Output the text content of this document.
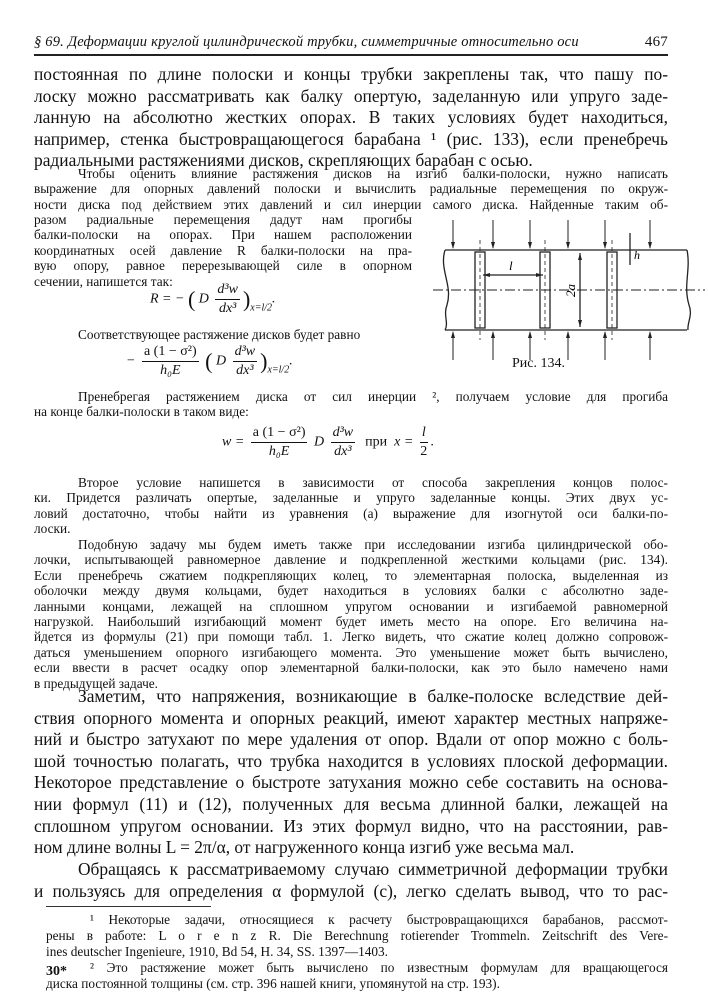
§ 69. Деформации круглой цилиндрической трубки, симметричные относительно оси	467
постоянная по длине полоски и концы трубки закреплены так, что пашу по-
лоску можно рассматривать как балку опертую, заделанную или упруго заде-
ланную на абсолютно жестких опорах. В таких условиях будет находиться,
например, стенка быстровращающегося барабана ¹ (рис. 133), если пренебречь
радиальными растяжениями дисков, скрепляющих барабан с осью.
Чтобы оценить влияние растяжения дисков на изгиб балки-полоски, нужно написать
выражение для опорных давлений полоски и вычислить радиальные перемещения по окруж-
ности диска под действием этих давлений и сил инерции самого диска. Найденные таким об-
разом радиальные перемещения дадут нам прогибы
балки-полоски на опорах. При нашем расположении
координатных осей давление R балки-полоски на пра-
вую опору, равное перерезывающей силе в опорном
сечении, напишется так:
R = − ( D $\frac{\text{d³w}}{\text{dx³}} )_{x=l/2}$.
Соответствующее растяжение дисков будет равно
− $\frac{\text{a (1 − σ²)}}{\text{h₀E}}$ ( D $\frac{\text{d³w}}{\text{dx³}} )_{x=l/2}$.
l
2a
h
Рис. 134.
Пренебрегая растяжением диска от сил инерции ², получаем условие для прогиба
на конце балки-полоски в таком виде:
$w = \frac{\text{a (1 − σ²)}}{\text{h₀E}}$ D $\frac{\text{d³w}}{\text{dx³}}$ при $x = \frac{l}{2}$ .
Второе условие напишется в зависимости от способа закрепления концов полос-
ки. Придется различать опертые, заделанные и упруго заделанные концы. Этих двух ус-
ловий достаточно, чтобы найти из уравнения (а) выражение для изогнутой оси балки-по-
лоски.
Подобную задачу мы будем иметь также при исследовании изгиба цилиндрической обо-
лочки, испытывающей равномерное давление и подкрепленной жесткими кольцами (рис. 134).
Если пренебречь сжатием подкрепляющих колец, то элементарная полоска, выделенная из
оболочки между двумя кольцами, будет находиться в условиях балки с абсолютно заде-
ланными концами, лежащей на сплошном упругом основании и изгибаемой равномерной
нагрузкой. Наибольший изгибающий момент будет иметь место на опоре. Его величина на-
йдется из формулы (21) при помощи табл. 1. Легко видеть, что сжатие колец должно сопровож-
даться уменьшением опорного изгибающего момента. Это уменьшение может быть вычислено,
если ввести в расчет осадку опор элементарной балки-полоски, как это было намечено нами
в предыдущей задаче.
Заметим, что напряжения, возникающие в балке-полоске вследствие дей-
ствия опорного момента и опорных реакций, имеют характер местных напряже-
ний и быстро затухают по мере удаления от опор. Вдали от опор можно с боль-
шой точностью полагать, что трубка находится в условиях плоской деформации.
Некоторое представление о быстроте затухания можно себе составить на основа-
нии формул (11) и (12), полученных для весьма длинной балки, лежащей на
сплошном упругом основании. Из этих формул видно, что на расстоянии, рав-
ном длине волны L = 2π/α, от нагруженного конца изгиб уже весьма мал.
Обращаясь к рассматриваемому случаю симметричной деформации трубки
и пользуясь для определения α формулой (с), легко сделать вывод, что то рас-
¹ Некоторые задачи, относящиеся к расчету быстровращающихся барабанов, рассмот-
рены в работе: L o r e n z R. Die Berechnung rotierender Trommeln. Zeitschrift des Vere-
ines deutscher Ingenieure, 1910, Bd 54, H. 34, SS. 1397—1403.
² Это растяжение может быть вычислено по известным формулам для вращающегося
диска постоянной толщины (см. стр. 396 нашей книги, упомянутой на стр. 193).
30*
